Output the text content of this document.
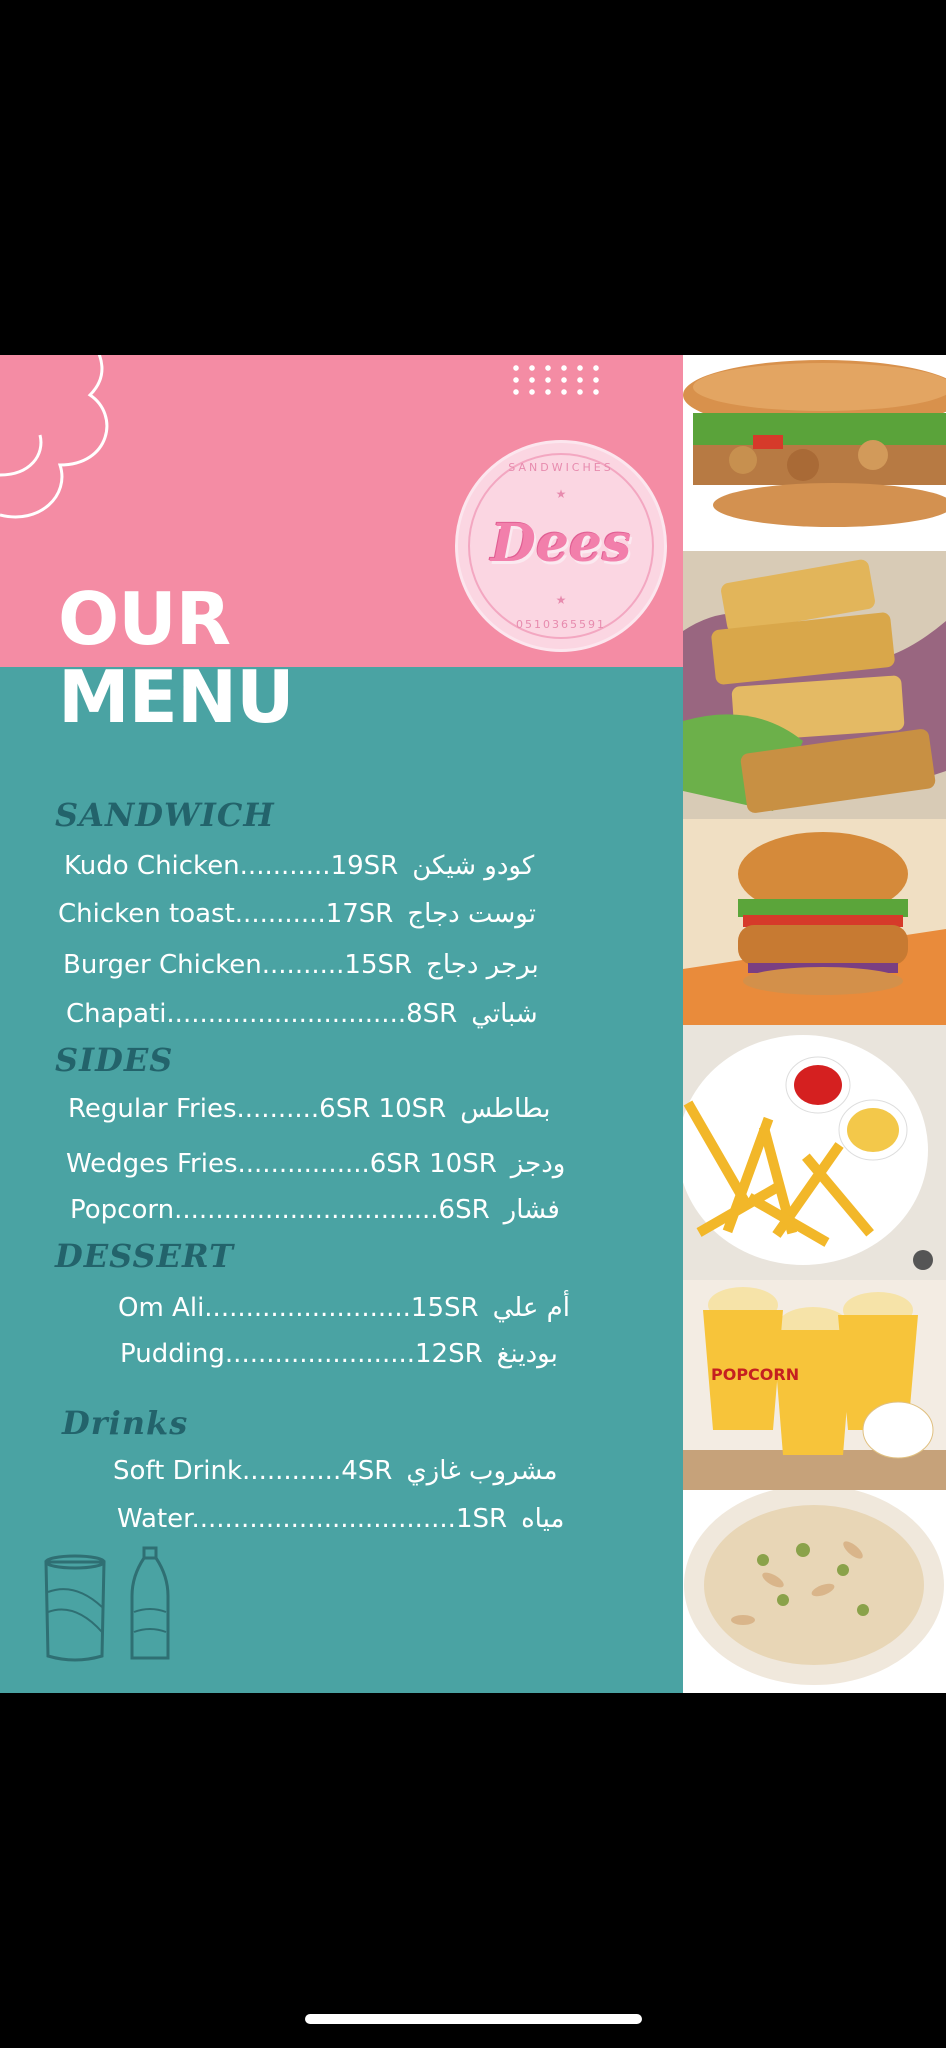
POPCORN
SANDWICHES
★
Dees
★
0510365591
OUR
MENU
SANDWICH
Kudo Chicken...........19SR كودو شيكن
Chicken toast...........17SR توست دجاج
Burger Chicken..........15SR برجر دجاج
Chapati.............................8SR شباتي
SIDES
Regular Fries..........6SR 10SR بطاطس
Wedges Fries................6SR 10SR ودجز
Popcorn................................6SR فشار
DESSERT
Om Ali.........................15SR أم علي
Pudding.......................12SR بودينغ
Drinks
Soft Drink............4SR مشروب غازي
Water................................1SR مياه
